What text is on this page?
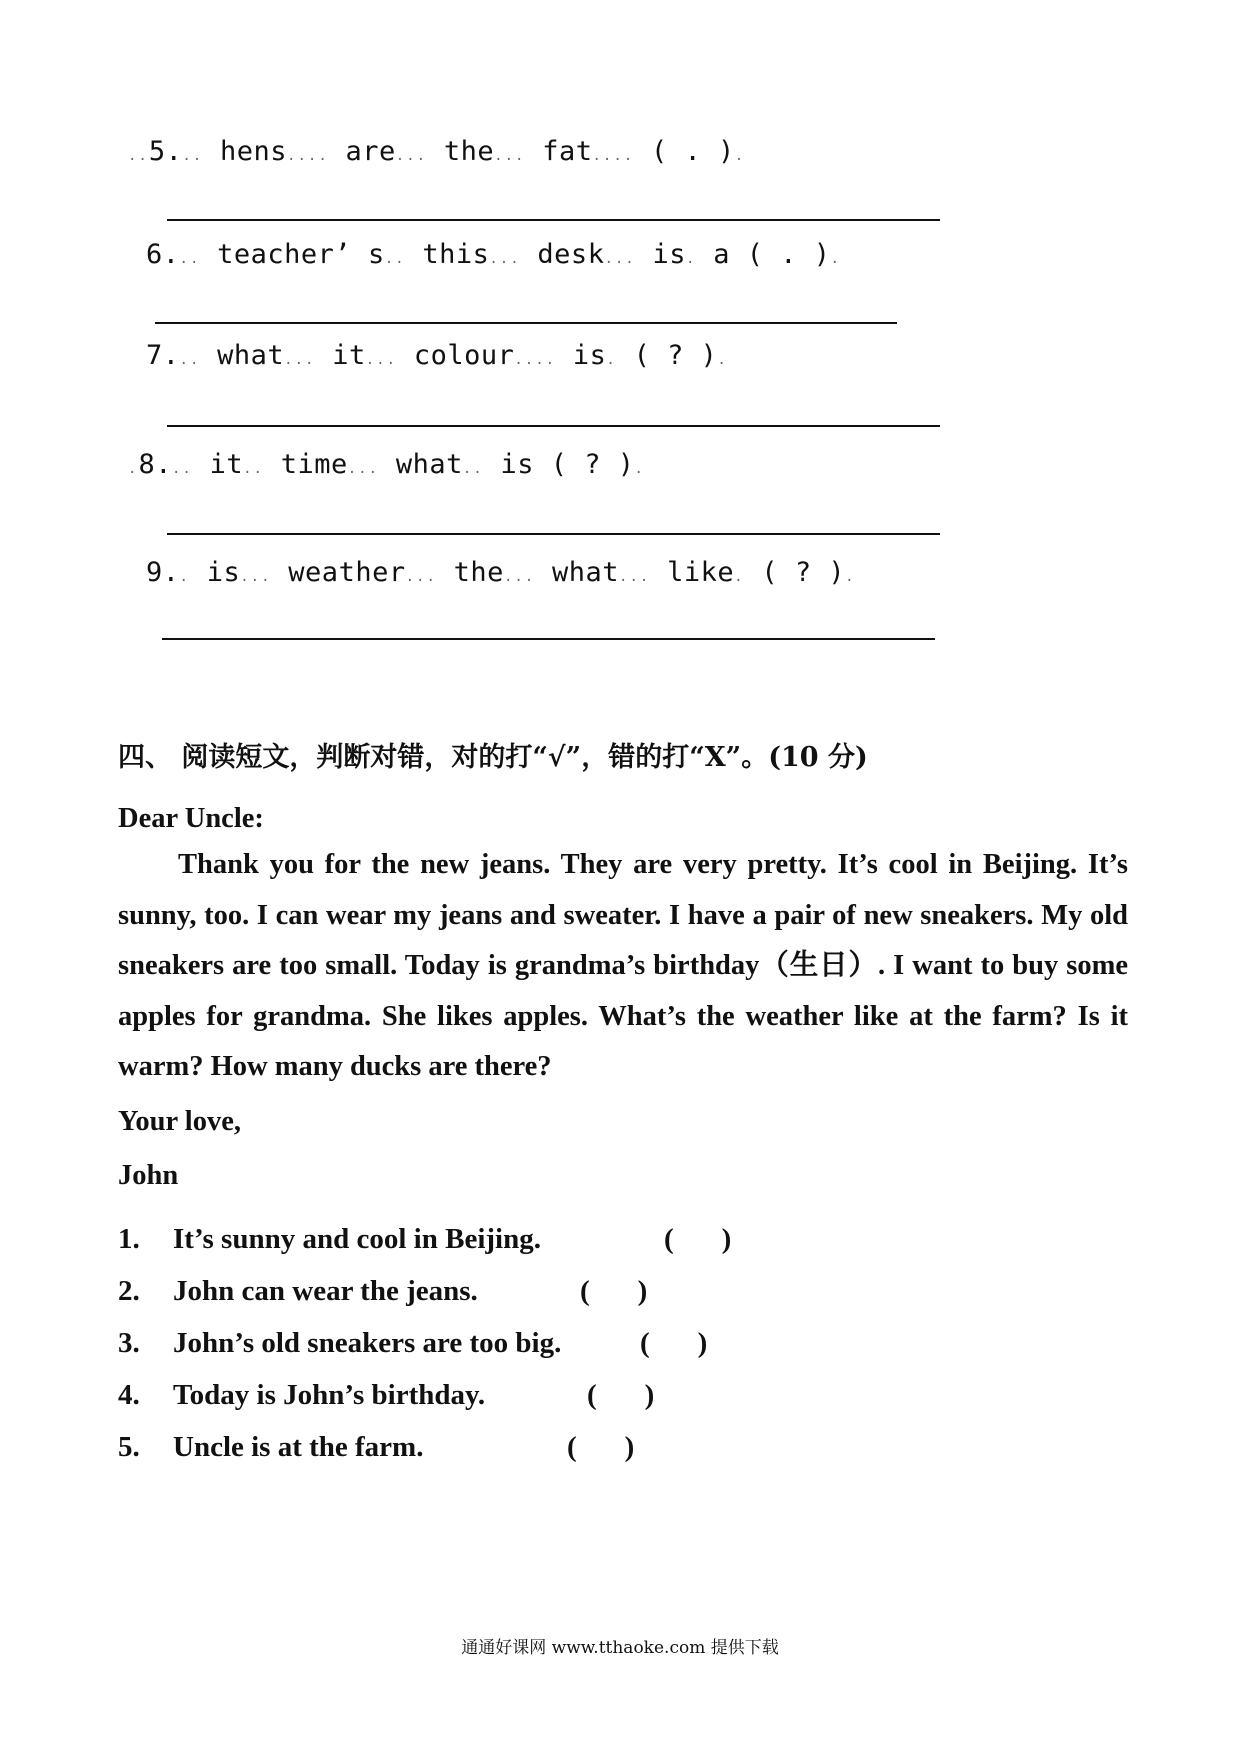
..5... hens.... are... the... fat.... ( . ).
6... teacher’ s.. this... desk... is. a ( . ).
7... what... it... colour.... is. ( ? ).
.8... it.. time... what.. is ( ? ).
9.. is... weather... the... what... like. ( ? ).
四、 阅读短文，判断对错，对的打“√”，错的打“X”。(10 分)
Dear Uncle:
Thank you for the new jeans. They are very pretty. It’s cool in Beijing. It’s sunny, too. I can wear my jeans and sweater. I have a pair of new sneakers. My old sneakers are too small. Today is grandma’s birthday（生日）. I want to buy some apples for grandma. She likes apples. What’s the weather like at the farm? Is it warm? How many ducks are there?
Your love,
John
1. It’s sunny and cool in Beijing.	( )
2. John can wear the jeans.	( )
3. John’s old sneakers are too big.	( )
4. Today is John’s birthday.	( )
5. Uncle is at the farm.	( )
通通好课网 www.tthaoke.com 提供下载
